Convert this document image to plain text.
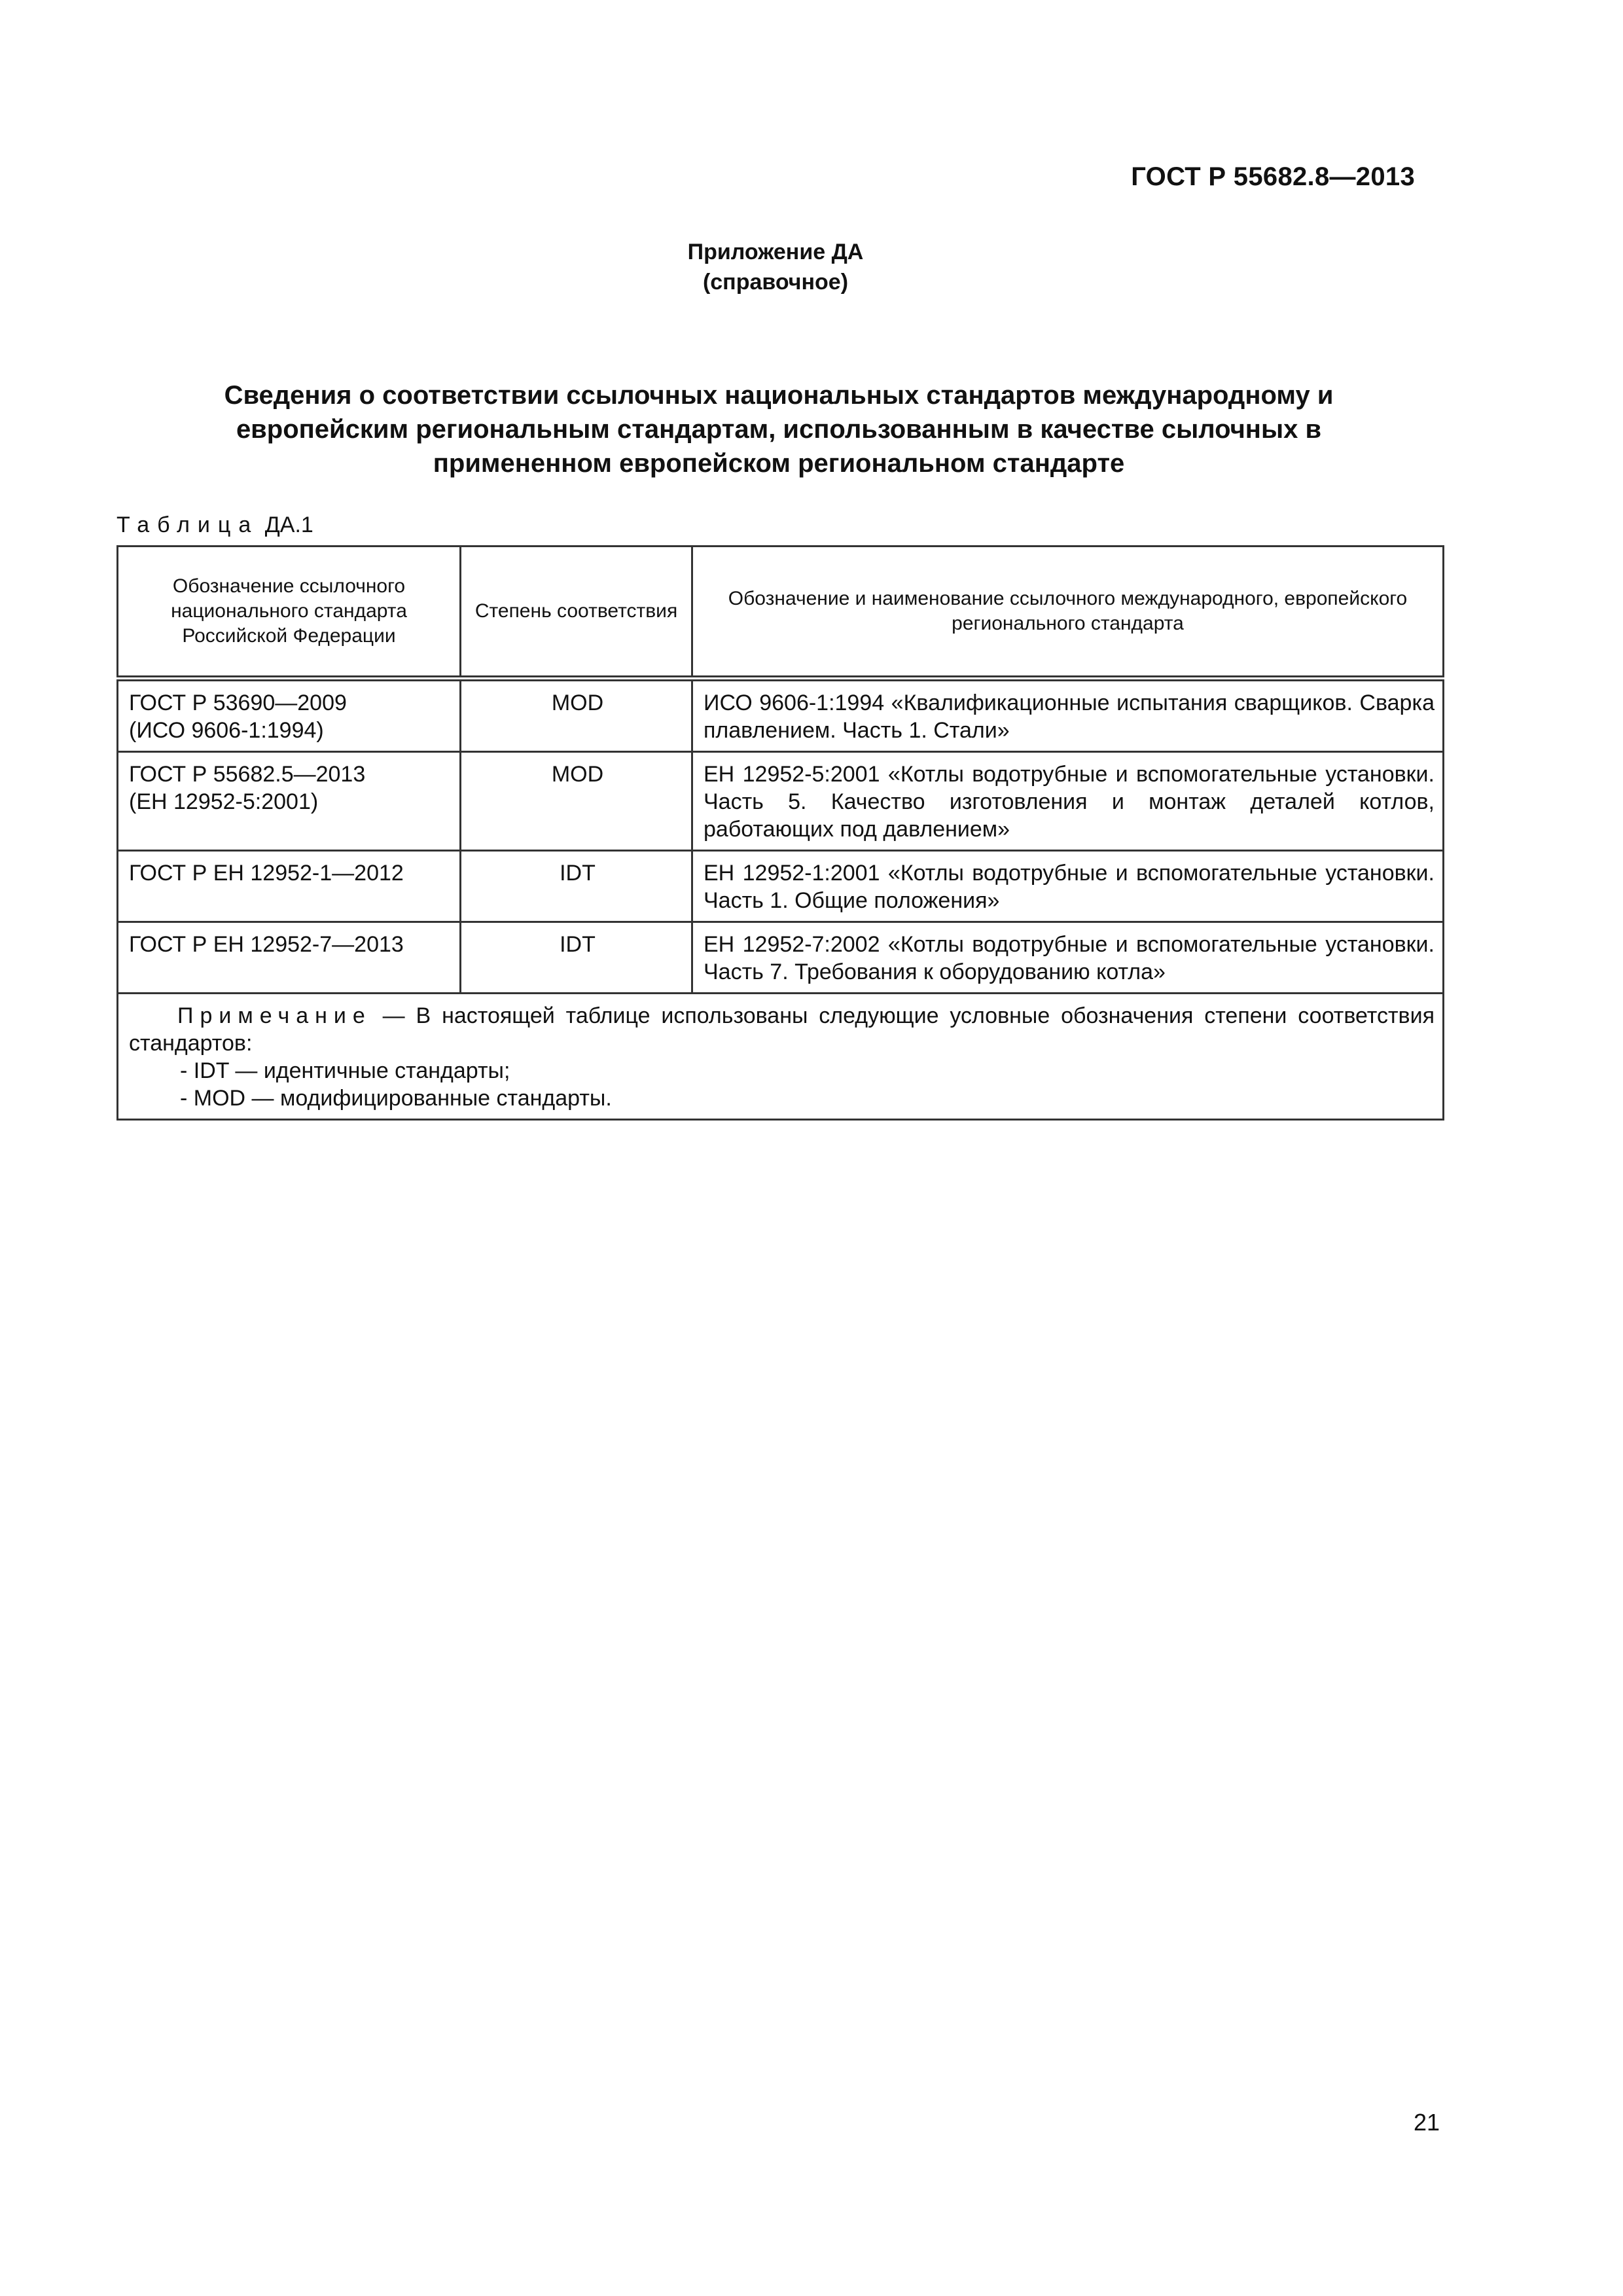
ГОСТ Р 55682.8—2013
Приложение ДА
(справочное)
Сведения о соответствии ссылочных национальных стандартов международному и
европейским региональным стандартам, использованным в качестве сылочных в
примененном европейском региональном стандарте
Таблица ДА.1
Обозначение ссылочного национального стандарта Российской Федерации	Степень соответствия	Обозначение и наименование ссылочного международного, европейского регионального стандарта

ГОСТ Р 53690—2009
(ИСО 9606-1:1994)	MOD	ИСО 9606-1:1994 «Квалификационные испытания сварщиков. Сварка плавлением. Часть 1. Стали»

ГОСТ Р 55682.5—2013
(ЕН 12952-5:2001)	MOD	ЕН 12952-5:2001 «Котлы водотрубные и вспомогательные установки. Часть 5. Качество изготовления и монтаж деталей котлов, работающих под давлением»

ГОСТ Р ЕН 12952-1—2012	IDT	ЕН 12952-1:2001 «Котлы водотрубные и вспомогательные установки. Часть 1. Общие положения»

ГОСТ Р ЕН 12952-7—2013	IDT	ЕН 12952-7:2002 «Котлы водотрубные и вспомогательные установки. Часть 7. Требования к оборудованию котла»

Примечание — В настоящей таблице использованы следующие условные обозначения степени соответствия стандартов:
- IDT — идентичные стандарты;
- MOD — модифицированные стандарты.		
21
